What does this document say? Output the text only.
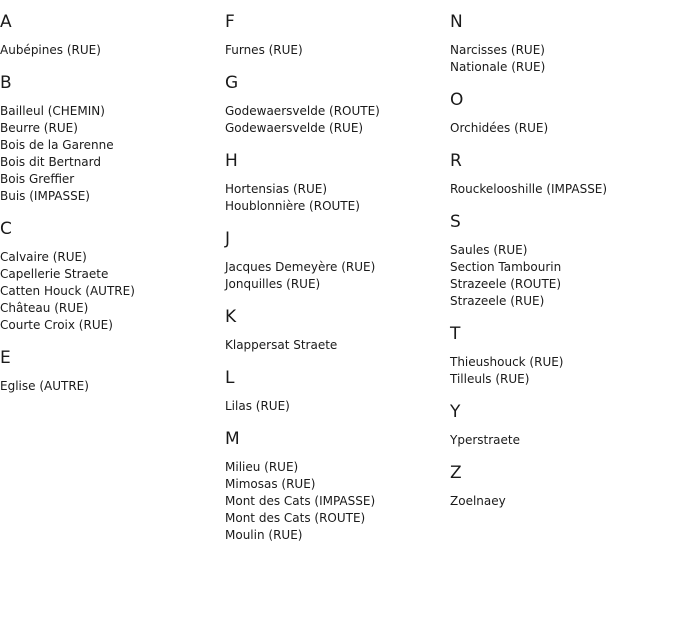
A
Aubépines (RUE)
B
Bailleul (CHEMIN)
Beurre (RUE)
Bois de la Garenne
Bois dit Bertnard
Bois Greffier
Buis (IMPASSE)
C
Calvaire (RUE)
Capellerie Straete
Catten Houck (AUTRE)
Château (RUE)
Courte Croix (RUE)
E
Eglise (AUTRE)
F
Furnes (RUE)
G
Godewaersvelde (ROUTE)
Godewaersvelde (RUE)
H
Hortensias (RUE)
Houblonnière (ROUTE)
J
Jacques Demeyère (RUE)
Jonquilles (RUE)
K
Klappersat Straete
L
Lilas (RUE)
M
Milieu (RUE)
Mimosas (RUE)
Mont des Cats (IMPASSE)
Mont des Cats (ROUTE)
Moulin (RUE)
N
Narcisses (RUE)
Nationale (RUE)
O
Orchidées (RUE)
R
Rouckelooshille (IMPASSE)
S
Saules (RUE)
Section Tambourin
Strazeele (ROUTE)
Strazeele (RUE)
T
Thieushouck (RUE)
Tilleuls (RUE)
Y
Yperstraete
Z
Zoelnaey
